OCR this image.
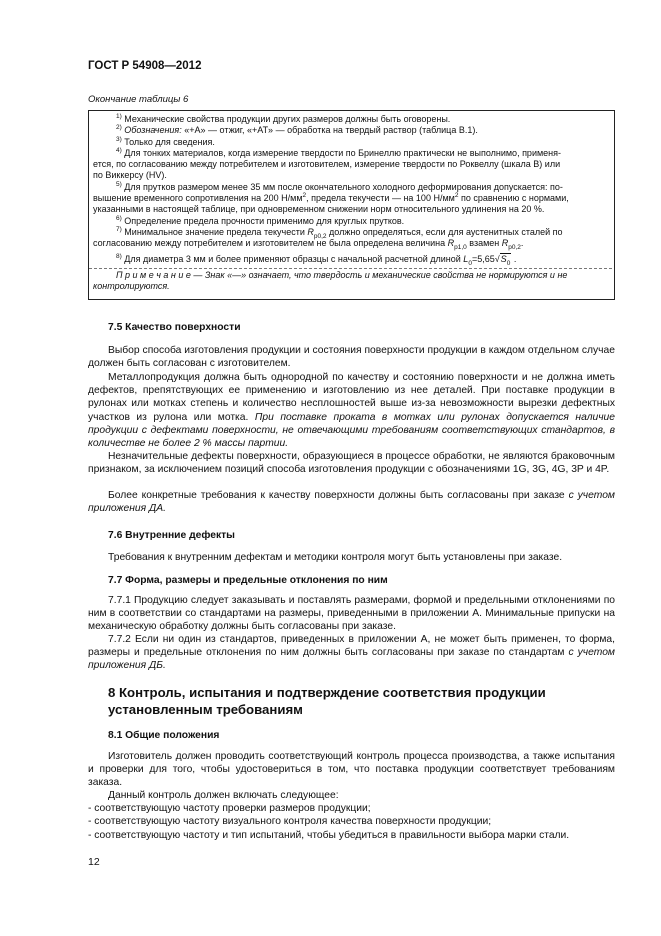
ГОСТ Р 54908—2012
Окончание таблицы 6
$^{1)}$ Механические свойства продукции других размеров должны быть оговорены.
$^{2)}$ Обозначения: «+A» — отжиг, «+AT» — обработка на твердый раствор (таблица В.1).
$^{3)}$ Только для сведения.
$^{4)}$ Для тонких материалов, когда измерение твердости по Бринеллю практически не выполнимо, применя-
ется, по согласованию между потребителем и изготовителем, измерение твердости по Роквеллу (шкала В) или
по Виккерсу (HV).
$^{5)}$ Для прутков размером менее 35 мм после окончательного холодного деформирования допускается: по-
вышение временного сопротивления на 200 $Н/мм^2$, предела текучести — на 100 $Н/мм^2$ по сравнению с нормами,
указанными в настоящей таблице, при одновременном снижении норм относительного удлинения на 20 %.
$^{6)}$ Определение предела прочности применимо для круглых прутков.
$^{7)}$ Минимальное значение предела текучести $R_{p0,2}$ должно определяться, если для аустенитных сталей по
согласованию между потребителем и изготовителем не была определена величина $R_{p1,0}$ взамен $R_{p0,2}$.
$^{8)}$ Для диаметра 3 мм и более применяют образцы с начальной расчетной длиной $L_0=5,65√S_0$ .
П р и м е ч а н и е — Знак «—» означает, что твердость и механические свойства не нормируются и не
контролируются.

7.5 Качество поверхности

Выбор способа изготовления продукции и состояния поверхности продукции в каждом отдельном случае должен быть согласован с изготовителем.

Металлопродукция должна быть однородной по качеству и состоянию поверхности и не должна иметь дефектов, препятствующих ее применению и изготовлению из нее деталей. При поставке продукции в рулонах или мотках степень и количество несплошностей выше из-за невозможности вырезки дефектных участков из рулона или мотка. При поставке проката в мотках или рулонах допускается наличие продукции с дефектами поверхности, не отвечающими требованиям соответствующих стандартов, в количестве не более 2 % массы партии.

Незначительные дефекты поверхности, образующиеся в процессе обработки, не являются браковочным признаком, за исключением позиций способа изготовления продукции с обозначениями 1G, 3G, 4G, 3P и 4P.

Более конкретные требования к качеству поверхности должны быть согласованы при заказе с учетом приложения ДА.

7.6 Внутренние дефекты

Требования к внутренним дефектам и методики контроля могут быть установлены при заказе.

7.7 Форма, размеры и предельные отклонения по ним

7.7.1 Продукцию следует заказывать и поставлять размерами, формой и предельными отклонениями по ним в соответствии со стандартами на размеры, приведенными в приложении А. Минимальные припуски на механическую обработку должны быть согласованы при заказе.

7.7.2 Если ни один из стандартов, приведенных в приложении А, не может быть применен, то форма, размеры и предельные отклонения по ним должны быть согласованы при заказе по стандартам с учетом приложения ДБ.

8 Контроль, испытания и подтверждение соответствия продукции
установленным требованиям

8.1 Общие положения

Изготовитель должен проводить соответствующий контроль процесса производства, а также испытания и проверки для того, чтобы удостовериться в том, что поставка продукции соответствует требованиям заказа.

Данный контроль должен включать следующее:

- соответствующую частоту проверки размеров продукции;

- соответствующую частоту визуального контроля качества поверхности продукции;

- соответствующую частоту и тип испытаний, чтобы убедиться в правильности выбора марки стали.

12
